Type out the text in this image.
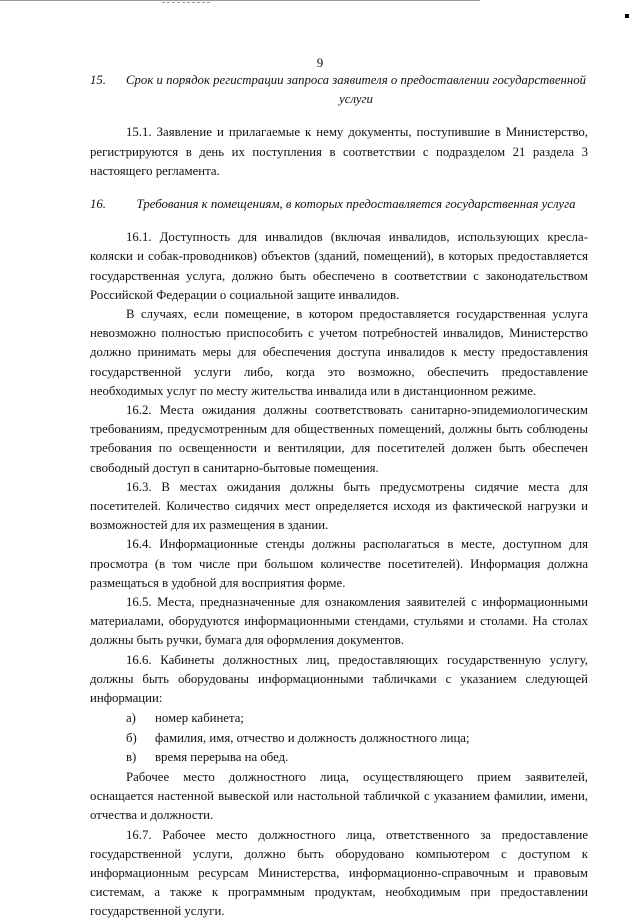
9
15.	Срок и порядок регистрации запроса заявителя о предоставлении государственной услуги

15.1. Заявление и прилагаемые к нему документы, поступившие в Министерство, регистрируются в день их поступления в соответствии с подразделом 21 раздела 3 настоящего регламента.

16.	Требования к помещениям, в которых предоставляется государственная услуга

16.1. Доступность для инвалидов (включая инвалидов, использующих кресла-коляски и собак-проводников) объектов (зданий, помещений), в которых предоставляется государственная услуга, должно быть обеспечено в соответствии с законодательством Российской Федерации о социальной защите инвалидов.

В случаях, если помещение, в котором предоставляется государственная услуга невозможно полностью приспособить с учетом потребностей инвалидов, Министерство должно принимать меры для обеспечения доступа инвалидов к месту предоставления государственной услуги либо, когда это возможно, обеспечить предоставление необходимых услуг по месту жительства инвалида или в дистанционном режиме.

16.2. Места ожидания должны соответствовать санитарно-эпидемиологическим требованиям, предусмотренным для общественных помещений, должны быть соблюдены требования по освещенности и вентиляции, для посетителей должен быть обеспечен свободный доступ в санитарно-бытовые помещения.

16.3. В местах ожидания должны быть предусмотрены сидячие места для посетителей. Количество сидячих мест определяется исходя из фактической нагрузки и возможностей для их размещения в здании.

16.4. Информационные стенды должны располагаться в месте, доступном для просмотра (в том числе при большом количестве посетителей). Информация должна размещаться в удобной для восприятия форме.

16.5. Места, предназначенные для ознакомления заявителей с информационными материалами, оборудуются информационными стендами, стульями и столами. На столах должны быть ручки, бумага для оформления документов.

16.6. Кабинеты должностных лиц, предоставляющих государственную услугу, должны быть оборудованы информационными табличками с указанием следующей информации:

а)	номер кабинета;
б)	фамилия, имя, отчество и должность должностного лица;
в)	время перерыва на обед.

Рабочее место должностного лица, осуществляющего прием заявителей, оснащается настенной вывеской или настольной табличкой с указанием фамилии, имени, отчества и должности.

16.7. Рабочее место должностного лица, ответственного за предоставление государственной услуги, должно быть оборудовано компьютером с доступом к информационным ресурсам Министерства, информационно-справочным и правовым системам, а также к программным продуктам, необходимым при предоставлении государственной услуги.
